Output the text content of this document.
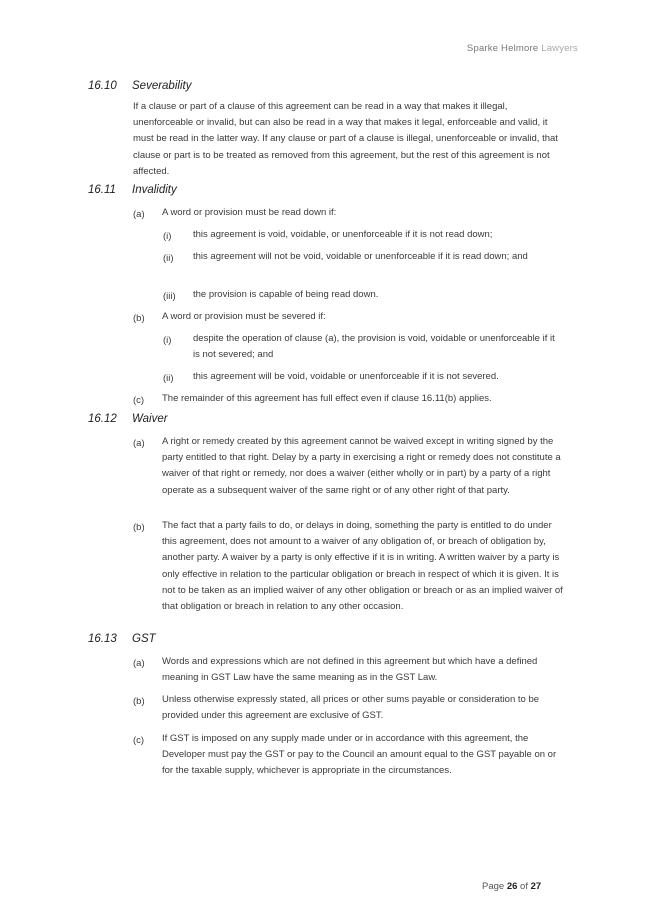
Sparke Helmore Lawyers
16.10 Severability
If a clause or part of a clause of this agreement can be read in a way that makes it illegal, unenforceable or invalid, but can also be read in a way that makes it legal, enforceable and valid, it must be read in the latter way. If any clause or part of a clause is illegal, unenforceable or invalid, that clause or part is to be treated as removed from this agreement, but the rest of this agreement is not affected.
16.11 Invalidity
(a) A word or provision must be read down if:
(i) this agreement is void, voidable, or unenforceable if it is not read down;
(ii) this agreement will not be void, voidable or unenforceable if it is read down; and
(iii) the provision is capable of being read down.
(b) A word or provision must be severed if:
(i) despite the operation of clause (a), the provision is void, voidable or unenforceable if it is not severed; and
(ii) this agreement will be void, voidable or unenforceable if it is not severed.
(c) The remainder of this agreement has full effect even if clause 16.11(b) applies.
16.12 Waiver
(a) A right or remedy created by this agreement cannot be waived except in writing signed by the party entitled to that right. Delay by a party in exercising a right or remedy does not constitute a waiver of that right or remedy, nor does a waiver (either wholly or in part) by a party of a right operate as a subsequent waiver of the same right or of any other right of that party.
(b) The fact that a party fails to do, or delays in doing, something the party is entitled to do under this agreement, does not amount to a waiver of any obligation of, or breach of obligation by, another party. A waiver by a party is only effective if it is in writing. A written waiver by a party is only effective in relation to the particular obligation or breach in respect of which it is given. It is not to be taken as an implied waiver of any other obligation or breach or as an implied waiver of that obligation or breach in relation to any other occasion.
16.13 GST
(a) Words and expressions which are not defined in this agreement but which have a defined meaning in GST Law have the same meaning as in the GST Law.
(b) Unless otherwise expressly stated, all prices or other sums payable or consideration to be provided under this agreement are exclusive of GST.
(c) If GST is imposed on any supply made under or in accordance with this agreement, the Developer must pay the GST or pay to the Council an amount equal to the GST payable on or for the taxable supply, whichever is appropriate in the circumstances.
Page 26 of 27
